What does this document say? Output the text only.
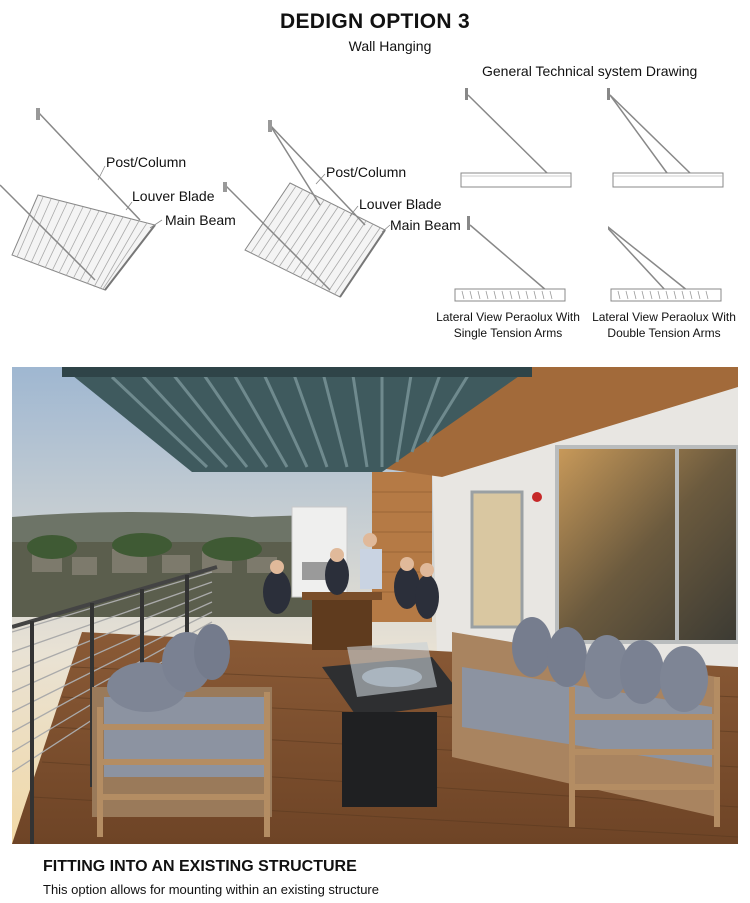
DEDIGN OPTION 3
Wall Hanging
Post/Column
Louver Blade
Main Beam
Post/Column
Louver Blade
Main Beam
General Technical system Drawing
Lateral View Peraolux With
Single Tension Arms
Lateral View Peraolux With
Double Tension Arms
FITTING INTO AN EXISTING STRUCTURE
This option allows for mounting within an existing structure
